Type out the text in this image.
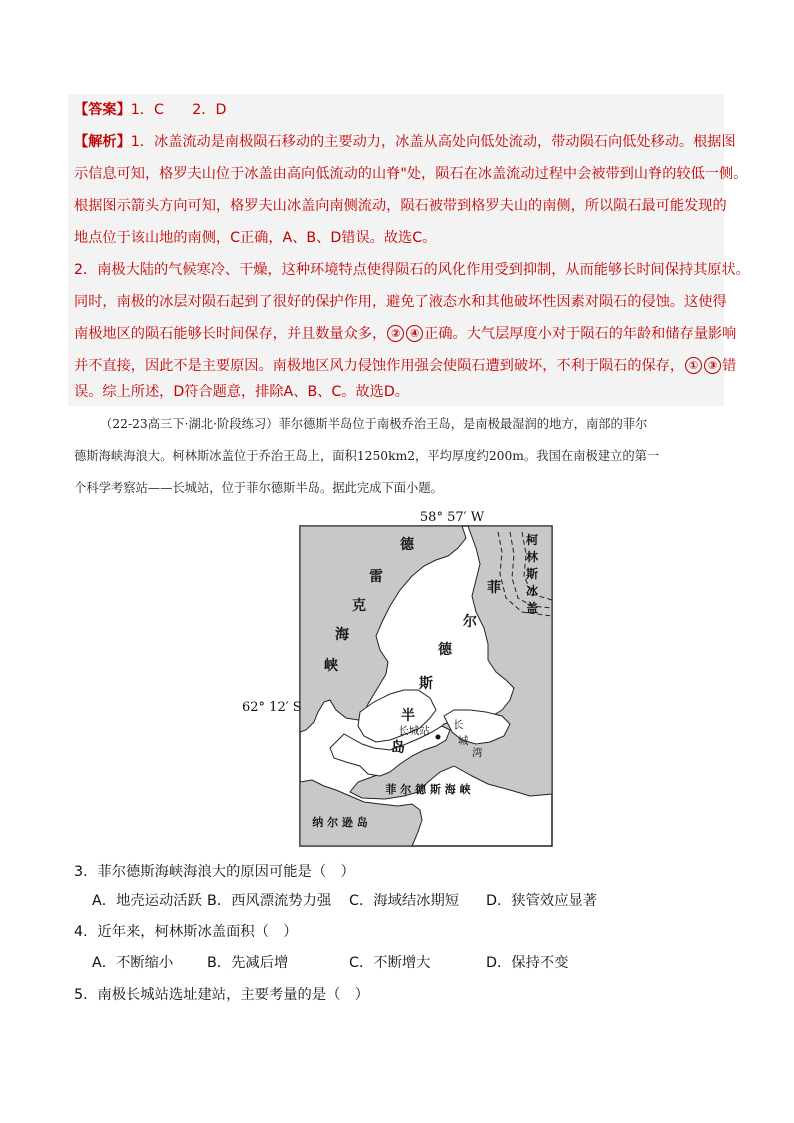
【答案】1．C　　2．D
【解析】1．冰盖流动是南极陨石移动的主要动力，冰盖从高处向低处流动，带动陨石向低处移动。根据图
示信息可知，格罗夫山位于冰盖由高向低流动的山脊"处，陨石在冰盖流动过程中会被带到山脊的较低一侧。
根据图示箭头方向可知，格罗夫山冰盖向南侧流动，陨石被带到格罗夫山的南侧，所以陨石最可能发现的
地点位于该山地的南侧，C正确，A、B、D错误。故选C。
2．南极大陆的气候寒冷、干燥，这种环境特点使得陨石的风化作用受到抑制，从而能够长时间保持其原状。
同时，南极的冰层对陨石起到了很好的保护作用，避免了液态水和其他破坏性因素对陨石的侵蚀。这使得
南极地区的陨石能够长时间保存，并且数量众多， ② ④ 正确。大气层厚度小对于陨石的年龄和储存量影响
并不直接，因此不是主要原因。南极地区风力侵蚀作用强会使陨石遭到破坏，不利于陨石的保存， ① ③ 错
误。综上所述，D符合题意，排除A、B、C。故选D。
（22-23高三下·湖北·阶段练习）菲尔德斯半岛位于南极乔治王岛，是南极最湿润的地方，南部的菲尔
德斯海峡海浪大。柯林斯冰盖位于乔治王岛上，面积1250km2，平均厚度约200m。我国在南极建立的第一
个科学考察站——长城站，位于菲尔德斯半岛。据此完成下面小题。
58° 57′ W
德
雷
克
海
峡
菲
尔
德
斯
半
岛
柯
林
斯
冰
盖
长城站 长
城
湾
菲 尔 德 斯 海 峡
纳 尔 逊 岛
62° 12′ S
3．菲尔德斯海峡海浪大的原因可能是（　）
A．地壳运动活跃 B．西风漂流势力强 C．海域结冰期短 D．狭管效应显著
4．近年来，柯林斯冰盖面积（　）
A．不断缩小 B．先减后增	C．不断增大	D．保持不变
5．南极长城站选址建站，主要考量的是（　）
